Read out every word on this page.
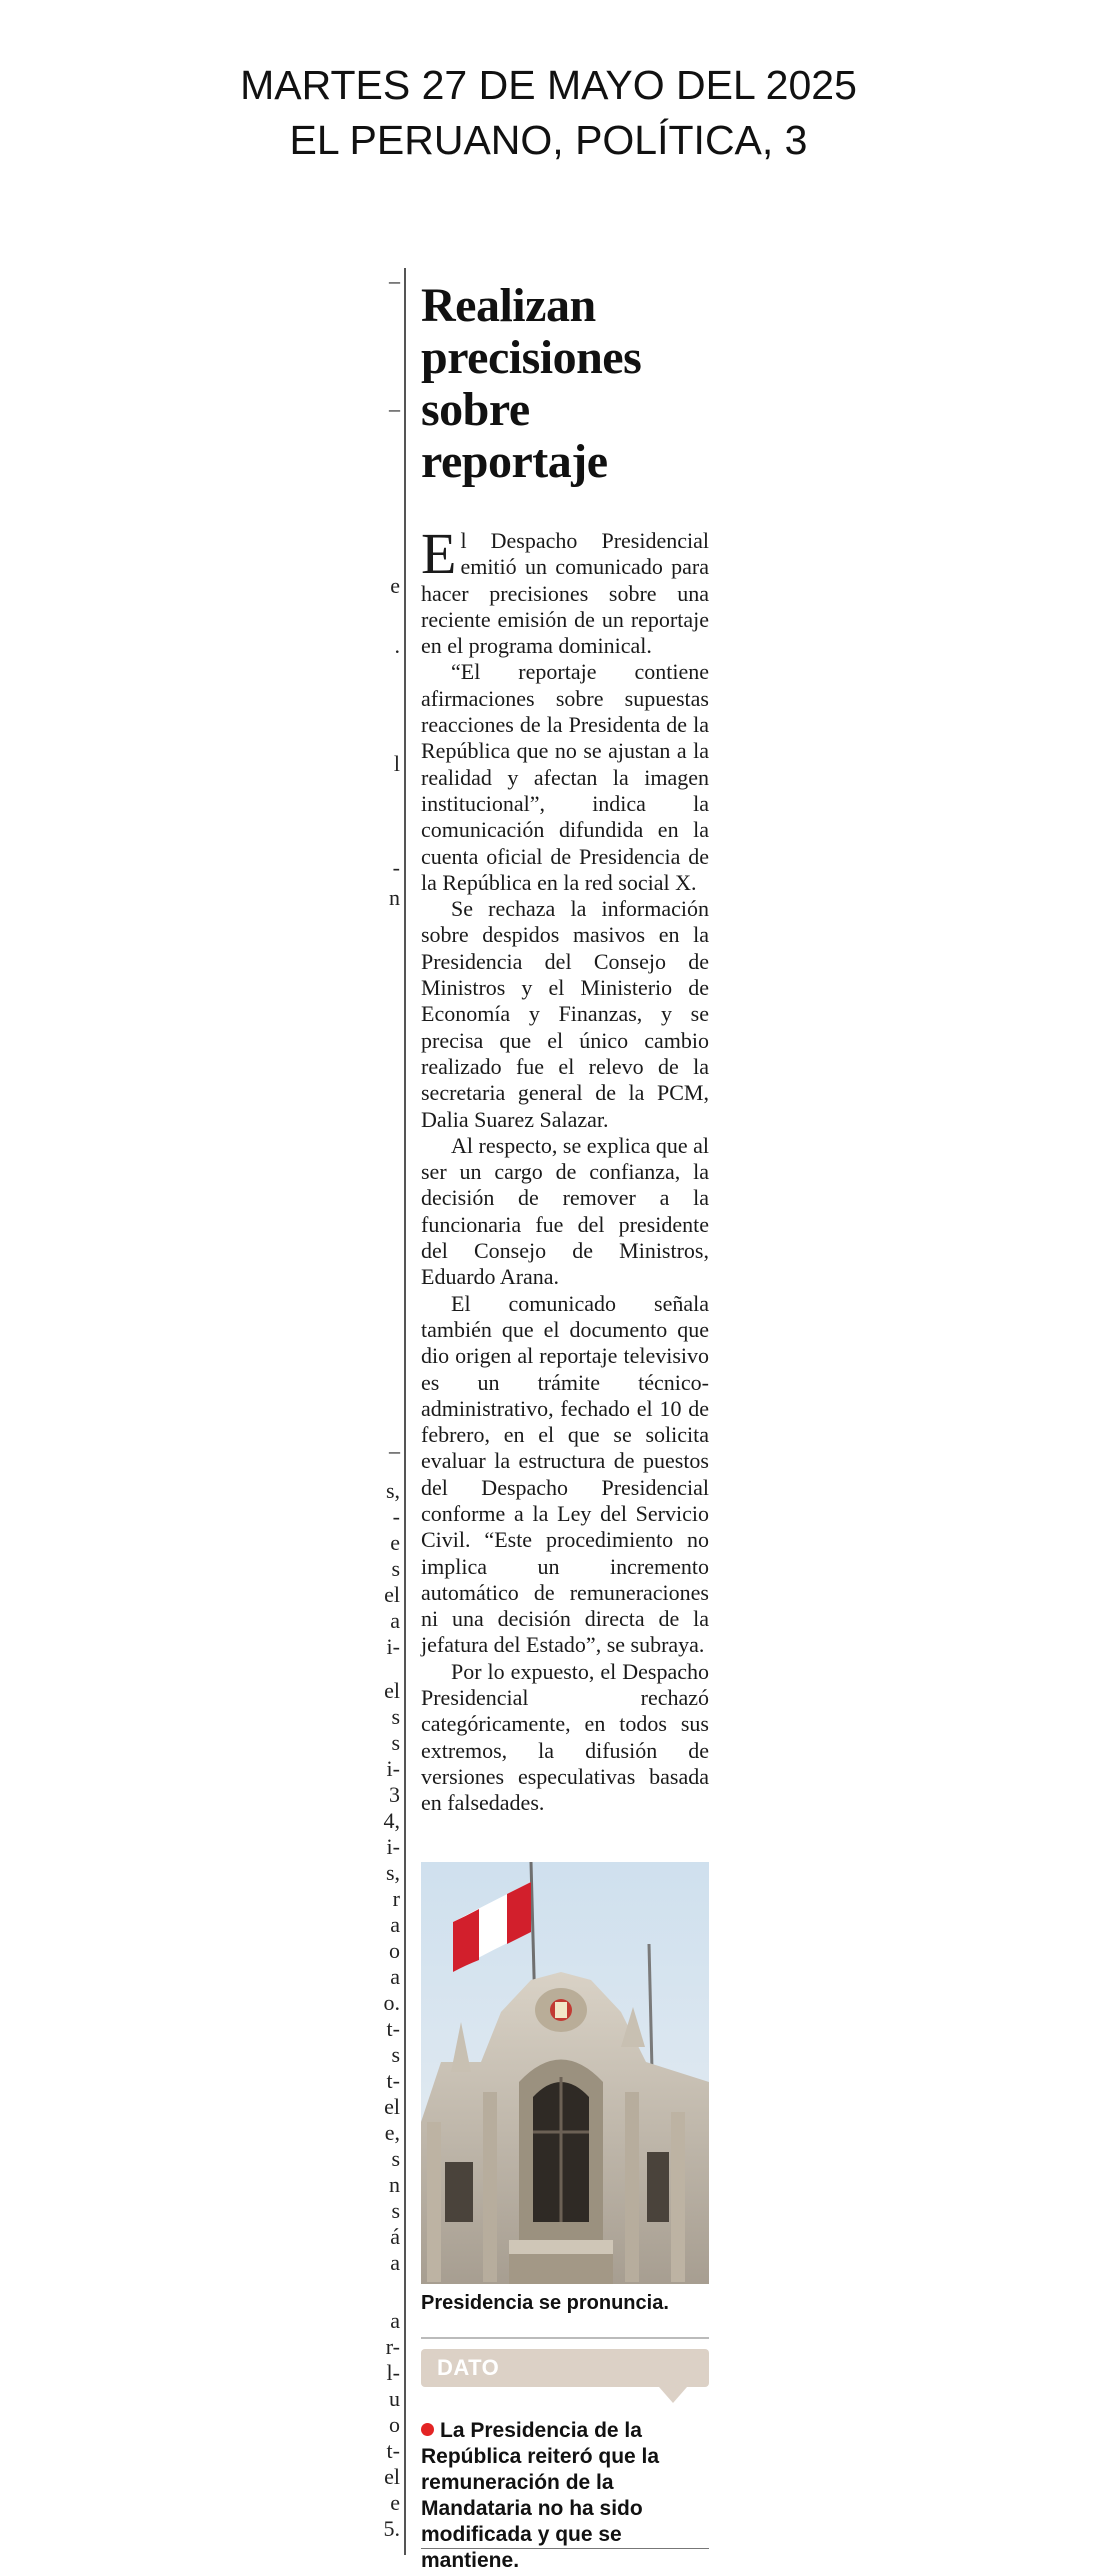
MARTES 27 DE MAYO DEL 2025
EL PERUANO, POLÍTICA, 3
–
–
e
.
l
-
n
–
s,
-
e
s
el
a
i-
el
s
s
i-
3
4,
i-
s,
r
a
o
a
o.
t-
s
t-
el
e,
s
n
s
á
a
a
r-
l-
u
o
t-
el
e
5.
Realizan precisiones sobre reportaje

El Despacho Presidencial emitió un comunicado para hacer precisiones sobre una reciente emisión de un reportaje en el programa dominical.

“El reportaje contiene afirmaciones sobre supuestas reacciones de la Presidenta de la República que no se ajustan a la realidad y afectan la imagen institucional”, indica la comunicación difundida en la cuenta oficial de Presidencia de la República en la red social X.

Se rechaza la información sobre despidos masivos en la Presidencia del Consejo de Ministros y el Ministerio de Economía y Finanzas, y se precisa que el único cambio realizado fue el relevo de la secretaria general de la PCM, Dalia Suarez Salazar.

Al respecto, se explica que al ser un cargo de confianza, la decisión de remover a la funcionaria fue del presidente del Consejo de Ministros, Eduardo Arana.

El comunicado señala también que el documento que dio origen al reportaje televisivo es un trámite técnico-administrativo, fechado el 10 de febrero, en el que se solicita evaluar la estructura de puestos del Despacho Presidencial conforme a la Ley del Servicio Civil. “Este procedimiento no implica un incremento automático de remuneraciones ni una decisión directa de la jefatura del Estado”, se subraya.

Por lo expuesto, el Despacho Presidencial rechazó categóricamente, en todos sus extremos, la difusión de versiones especulativas basada en falsedades.

Presidencia se pronuncia.
DATO
La Presidencia de la República reiteró que la remuneración de la Mandataria no ha sido modificada y que se mantiene.
